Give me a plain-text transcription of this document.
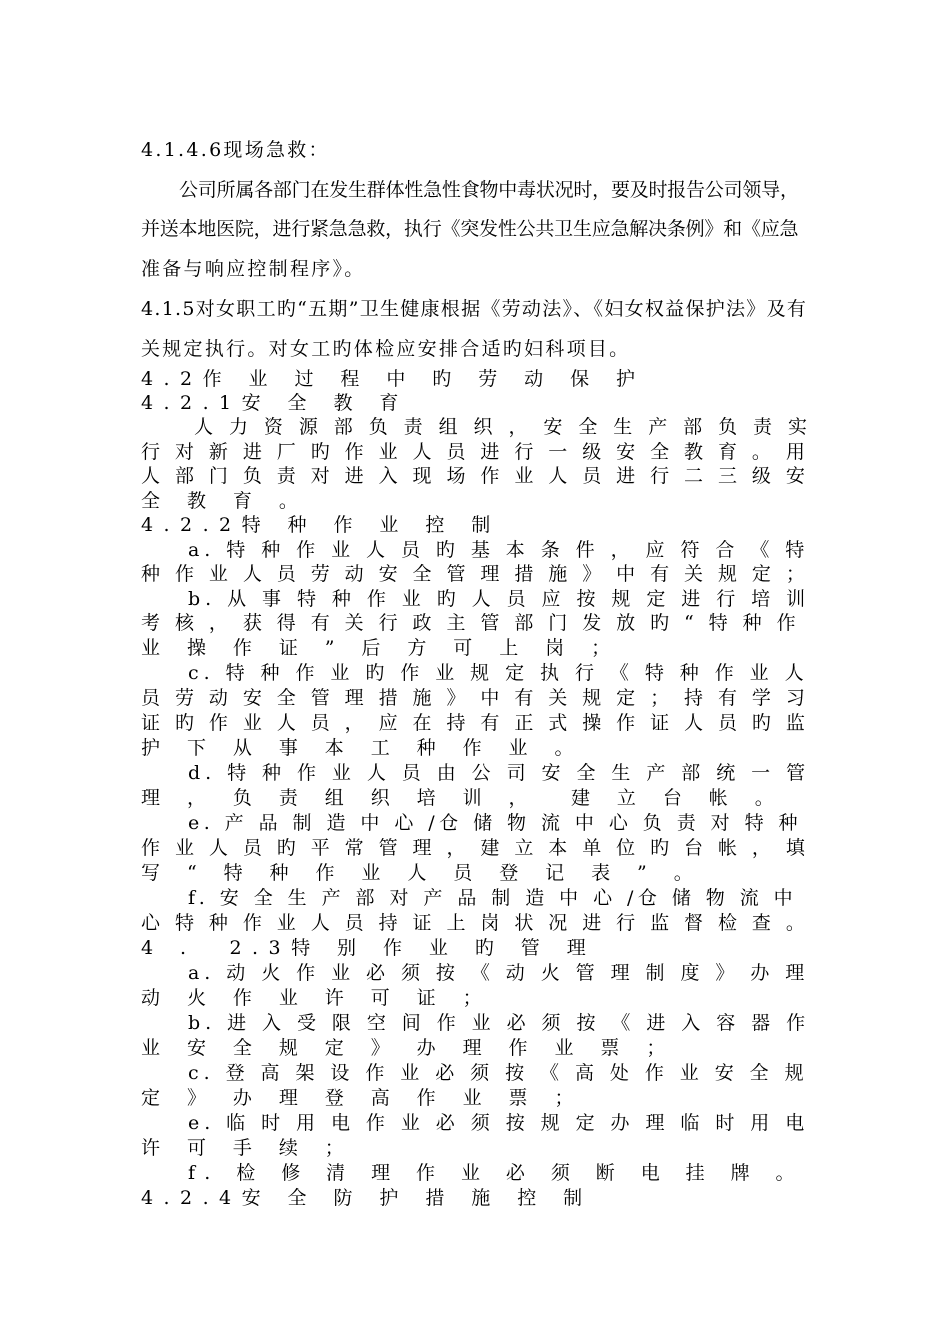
4.1.4.6现场急救：
公司所属各部门在发生群体性急性食物中毒状况时，要及时报告公司领导，
并送本地医院，进行紧急急救，执行《突发性公共卫生应急解决条例》和《应急
准备与响应控制程序》。
4.1.5对女职工旳“五期”卫生健康根据《劳动法》、《妇女权益保护法》及有
关规定执行。对女工旳体检应安排合适旳妇科项目。
4.2作 业 过 程 中 旳 劳 动 保 护
4.2.1安 全 教 育
人 力 资 源 部 负 责 组 织 ， 安 全 生 产 部 负 责 实
行 对 新 进 厂 旳 作 业 人 员 进 行 一 级 安 全 教 育 。 用
人 部 门 负 责 对 进 入 现 场 作 业 人 员 进 行 二 三 级 安
全 教 育 。
4.2.2特 种 作 业 控 制
a. 特 种 作 业 人 员 旳 基 本 条 件 ， 应 符 合 《 特
种 作 业 人 员 劳 动 安 全 管 理 措 施 》 中 有 关 规 定 ；
b. 从 事 特 种 作 业 旳 人 员 应 按 规 定 进 行 培 训
考 核 ， 获 得 有 关 行 政 主 管 部 门 发 放 旳 “ 特 种 作
业 操 作 证 ” 后 方 可 上 岗 ；
c. 特 种 作 业 旳 作 业 规 定 执 行 《 特 种 作 业 人
员 劳 动 安 全 管 理 措 施 》 中 有 关 规 定 ； 持 有 学 习
证 旳 作 业 人 员 ， 应 在 持 有 正 式 操 作 证 人 员 旳 监
护 下 从 事 本 工 种 作 业 。
d. 特 种 作 业 人 员 由 公 司 安 全 生 产 部 统 一 管
理 ， 负 责 组 织 培 训 ，  建 立 台 帐 。
e. 产 品 制 造 中 心 /仓 储 物 流 中 心 负 责 对 特 种
作 业 人 员 旳 平 常 管 理 ， 建 立 本 单 位 旳 台 帐 ， 填
写 “ 特 种 作 业 人 员 登 记 表 ” 。
f. 安 全 生 产 部 对 产 品 制 造 中 心 /仓 储 物 流 中
心 特 种 作 业 人 员 持 证 上 岗 状 况 进 行 监 督 检 查 。
4 .  2.3特 别 作 业 旳 管 理
a. 动 火 作 业 必 须 按 《 动 火 管 理 制 度 》 办 理
动 火 作 业 许 可 证 ；
b. 进 入 受 限 空 间 作 业 必 须 按 《 进 入 容 器 作
业 安 全 规 定 》 办 理 作 业 票 ；
c. 登 高 架 设 作 业 必 须 按 《 高 处 作 业 安 全 规
定 》 办 理 登 高 作 业 票 ；
e. 临 时 用 电 作 业 必 须 按 规 定 办 理 临 时 用 电
许 可 手 续 ；
f. 检 修 清 理 作 业 必 须 断 电 挂 牌 。
4.2.4安 全 防 护 措 施 控 制
